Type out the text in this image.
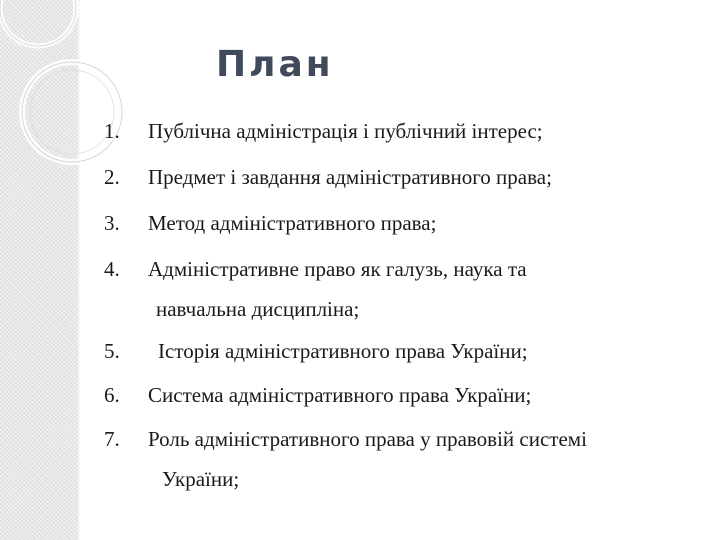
План
1. Публічна адміністрація і публічний інтерес;
2. Предмет і завдання адміністративного права;
3. Метод адміністративного права;
4. Адміністративне право як галузь, наука та
навчальна дисципліна;
5. Історія адміністративного права України;
6. Система адміністративного права України;
7. Роль адміністративного права у правовій системі
України;
